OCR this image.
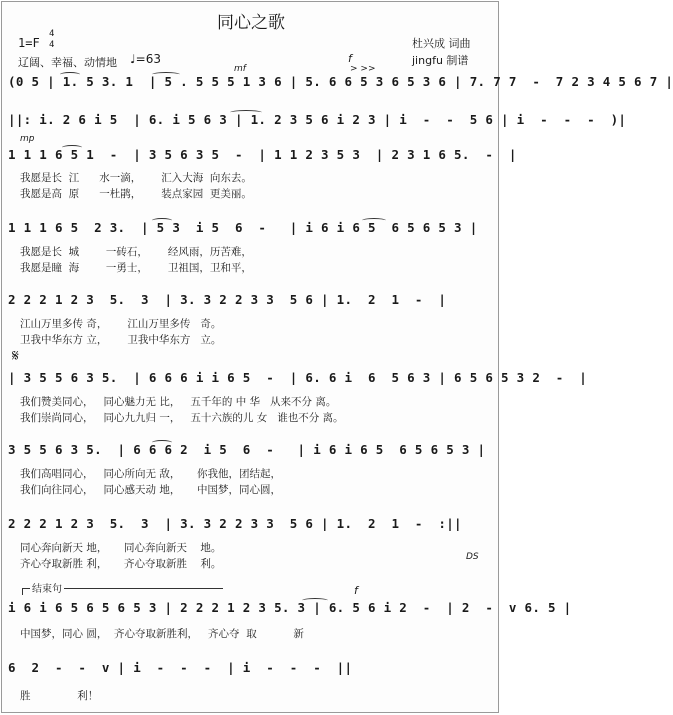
同心之歌
1=F
4
4
辽阔、幸福、动情地 ♩=63
杜兴成 词曲
jingfu 制谱
mf
f
> >>
(0 5 | 1. 5 3. 1  | 5 . 5 5 5 1 3 6 | 5. 6 6 5 3 6 5 3 6 | 7. 7 7  -  7 2 3 4 5 6 7 |
||: i. 2 6 i 5  | 6. i 5 6 3 | 1. 2 3 5 6 i 2 3 | i  -  -  5 6 | i  -  -  -  )|
mp
1 1 1 6 5 1  -  | 3 5 6 3 5  -  | 1 1 2 3 5 3  | 2 3 1 6 5.  -  |
我愿是长  江      水一滴，      汇入大海  向东去。
我愿是高  原      一杜鹃，      装点家园  更美丽。
1 1 1 6 5  2 3.  | 5 3  i 5  6  -   | i 6 i 6 5  6 5 6 5 3 |
我愿是长  城        一砖石，      经风雨，历苦难，
我愿是瞳  海        一勇士，      卫祖国，卫和平，
2 2 2 1 2 3  5.  3  | 3. 3 2 2 3 3  5 6 | 1.  2  1  -  |
江山万里多传 奇，      江山万里多传   奇。
卫我中华东方 立，      卫我中华东方   立。
𝄋
| 3 5 5 6 3 5.  | 6 6 6 i i 6 5  -  | 6. 6 i  6  5 6 3 | 6 5 6 5 3 2  -  |
我们赞美同心，   同心魅力无 比，   五千年的 中 华   从来不分 离。
我们崇尚同心，   同心九九归 一，   五十六族的儿 女   谁也不分 离。
3 5 5 6 3 5.  | 6 6 6 2  i 5  6  -   | i 6 i 6 5  6 5 6 5 3 |
我们高唱同心，   同心所向无 敌，     你我他，团结起，
我们向往同心，   同心感天动 地，     中国梦，同心圆，
2 2 2 1 2 3  5.  3  | 3. 3 2 2 3 3  5 6 | 1.  2  1  -  :||
同心奔向新天 地，     同心奔向新天    地。
齐心夺取新胜 利，     齐心夺取新胜    利。
DS
结束句	f
i 6 i 6 5 6 5 6 5 3 | 2 2 2 1 2 3 5. 3 | 6. 5 6 i 2  -  | 2  -  v 6. 5 |
中国梦，同心 圆，  齐心夺取新胜利，   齐心夺  取           新
6  2  -  -  v | i  -  -  -  | i  -  -  -  ||
胜              利！
